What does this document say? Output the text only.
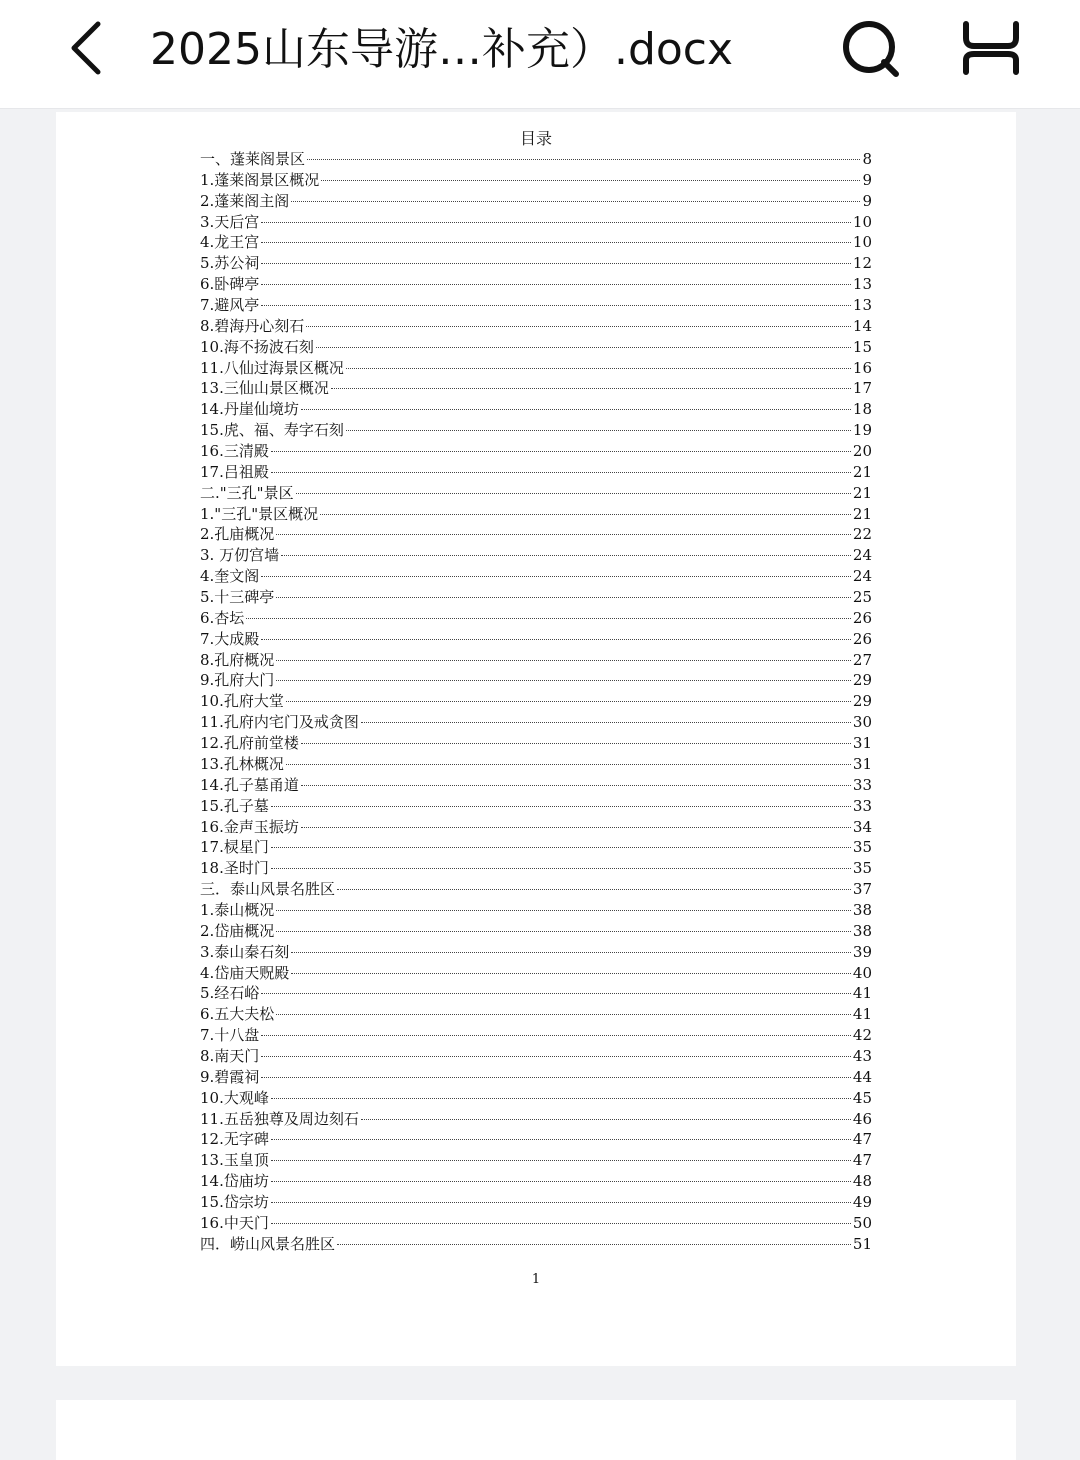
2025山东导游…补充）.docx
目录
一、蓬莱阁景区	8
1.蓬莱阁景区概况	9
2.蓬莱阁主阁	9
3.天后宫	10
4.龙王宫	10
5.苏公祠	12
6.卧碑亭	13
7.避风亭	13
8.碧海丹心刻石	14
10.海不扬波石刻	15
11.八仙过海景区概况	16
13.三仙山景区概况	17
14.丹崖仙境坊	18
15.虎、福、寿字石刻	19
16.三清殿	20
17.吕祖殿	21
二."三孔"景区	21
1."三孔"景区概况	21
2.孔庙概况	22
3. 万仞宫墙	24
4.奎文阁	24
5.十三碑亭	25
6.杏坛	26
7.大成殿	26
8.孔府概况	27
9.孔府大门	29
10.孔府大堂	29
11.孔府内宅门及戒贪图	30
12.孔府前堂楼	31
13.孔林概况	31
14.孔子墓甬道	33
15.孔子墓	33
16.金声玉振坊	34
17.棂星门	35
18.圣时门	35
三．泰山风景名胜区	37
1.泰山概况	38
2.岱庙概况	38
3.泰山秦石刻	39
4.岱庙天贶殿	40
5.经石峪	41
6.五大夫松	41
7.十八盘	42
8.南天门	43
9.碧霞祠	44
10.大观峰	45
11.五岳独尊及周边刻石	46
12.无字碑	47
13.玉皇顶	47
14.岱庙坊	48
15.岱宗坊	49
16.中天门	50
四．崂山风景名胜区	51
1
